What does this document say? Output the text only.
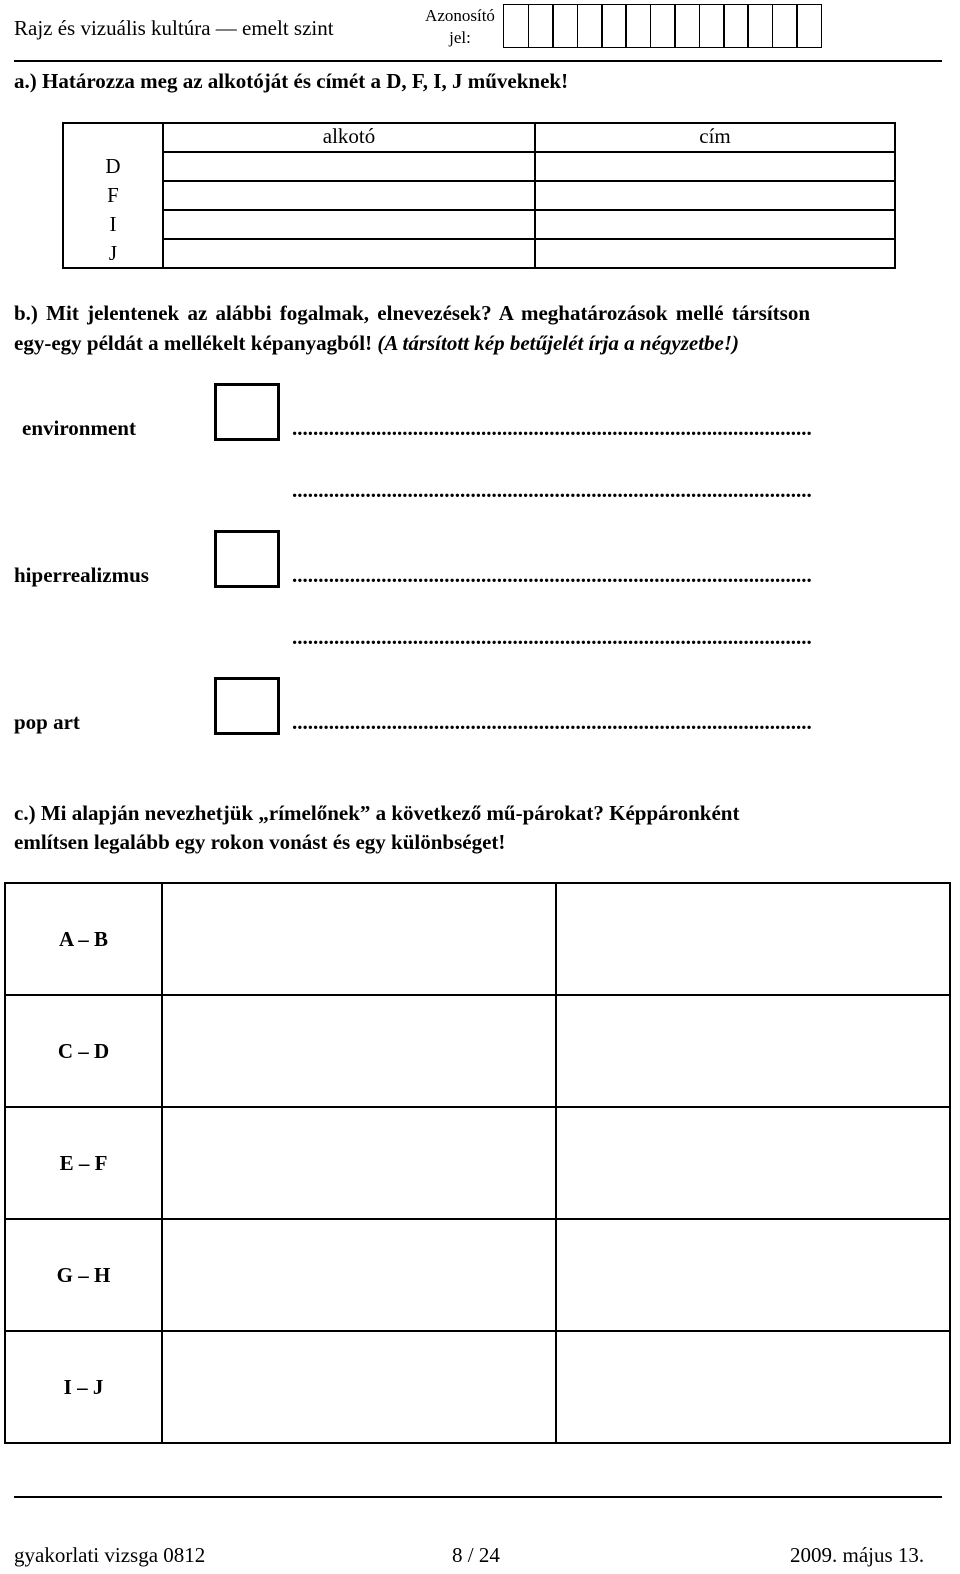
Rajz és vizuális kultúra — emelt szint
Azonosító
jel:
a.) Határozza meg az alkotóját és címét a D, F, I, J műveknek!
	alkotó	cím
D		
F		
I		
J		
b.) Mit jelentenek az alábbi fogalmak, elnevezések? A meghatározások mellé társítson
egy-egy példát a mellékelt képanyagból! (A társított kép betűjelét írja a négyzetbe!)
environment	...................................................................................................
...................................................................................................
hiperrealizmus	...................................................................................................
...................................................................................................
pop art	...................................................................................................
c.) Mi alapján nevezhetjük „rímelőnek” a következő mű-párokat? Képpáronként
említsen legalább egy rokon vonást és egy különbséget!
A – B		
C – D		
E – F		
G – H		
I – J		
gyakorlati vizsga 0812	8 / 24	2009. május 13.
